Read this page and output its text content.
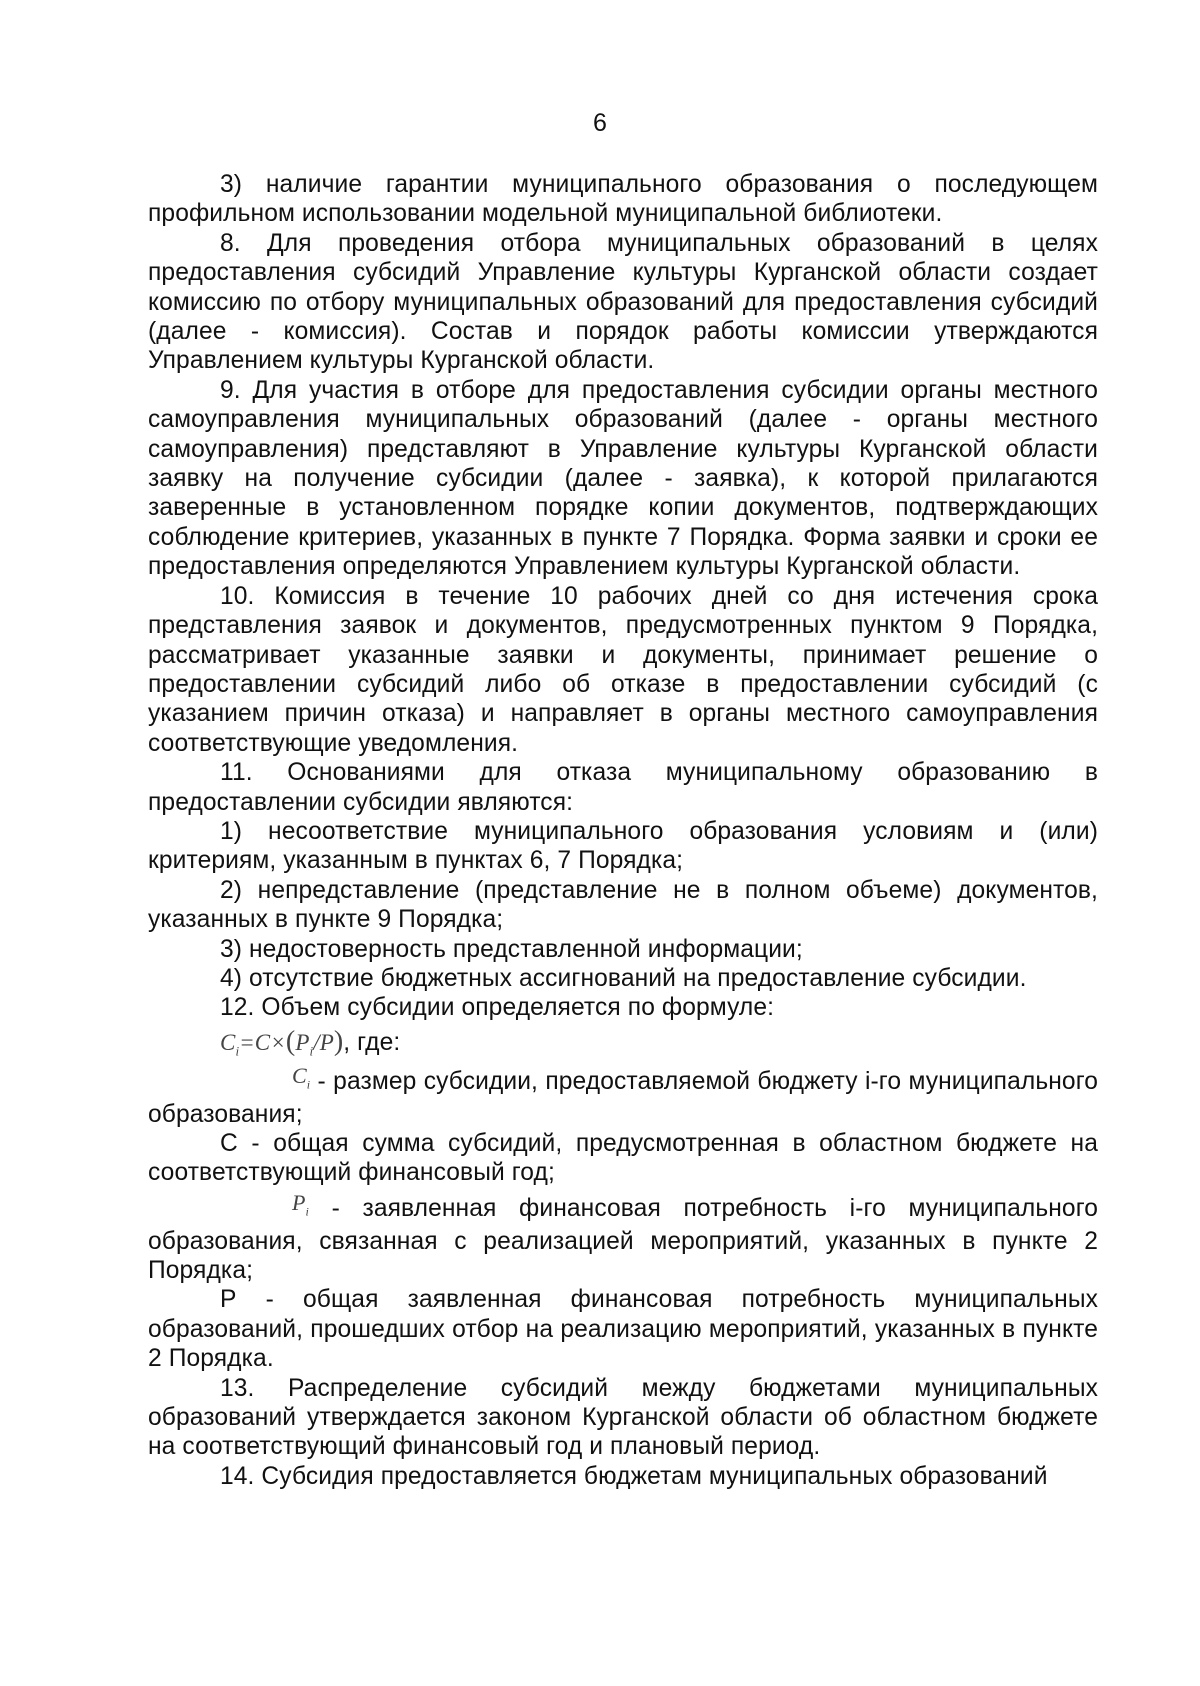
6

3) наличие гарантии муниципального образования о последующем профильном использовании модельной муниципальной библиотеки.

8. Для проведения отбора муниципальных образований в целях предоставления субсидий Управление культуры Курганской области создает комиссию по отбору муниципальных образований для предоставления субсидий (далее - комиссия). Состав и порядок работы комиссии утверждаются Управлением культуры Курганской области.

9. Для участия в отборе для предоставления субсидии органы местного самоуправления муниципальных образований (далее - органы местного самоуправления) представляют в Управление культуры Курганской области заявку на получение субсидии (далее - заявка), к которой прилагаются заверенные в установленном порядке копии документов, подтверждающих соблюдение критериев, указанных в пункте 7 Порядка. Форма заявки и сроки ее предоставления определяются Управлением культуры Курганской области.

10. Комиссия в течение 10 рабочих дней со дня истечения срока представления заявок и документов, предусмотренных пунктом 9 Порядка, рассматривает указанные заявки и документы, принимает решение о предоставлении субсидий либо об отказе в предоставлении субсидий (с указанием причин отказа) и направляет в органы местного самоуправления соответствующие уведомления.

11. Основаниями для отказа муниципальному образованию в предоставлении субсидии являются:

1) несоответствие муниципального образования условиям и (или) критериям, указанным в пунктах 6, 7 Порядка;

2) непредставление (представление не в полном объеме) документов, указанных в пункте 9 Порядка;

3) недостоверность представленной информации;

4) отсутствие бюджетных ассигнований на предоставление субсидии.

12. Объем субсидии определяется по формуле:

$C_i=C\times(P_i/P)$, где:

$C_i$ - размер субсидии, предоставляемой бюджету i-го муниципального образования;

С - общая сумма субсидий, предусмотренная в областном бюджете на соответствующий финансовый год;

$P_i$ - заявленная финансовая потребность i-го муниципального образования, связанная с реализацией мероприятий, указанных в пункте 2 Порядка;

Р - общая заявленная финансовая потребность муниципальных образований, прошедших отбор на реализацию мероприятий, указанных в пункте 2 Порядка.

13. Распределение субсидий между бюджетами муниципальных образований утверждается законом Курганской области об областном бюджете на соответствующий финансовый год и плановый период.

14. Субсидия предоставляется бюджетам муниципальных образований
